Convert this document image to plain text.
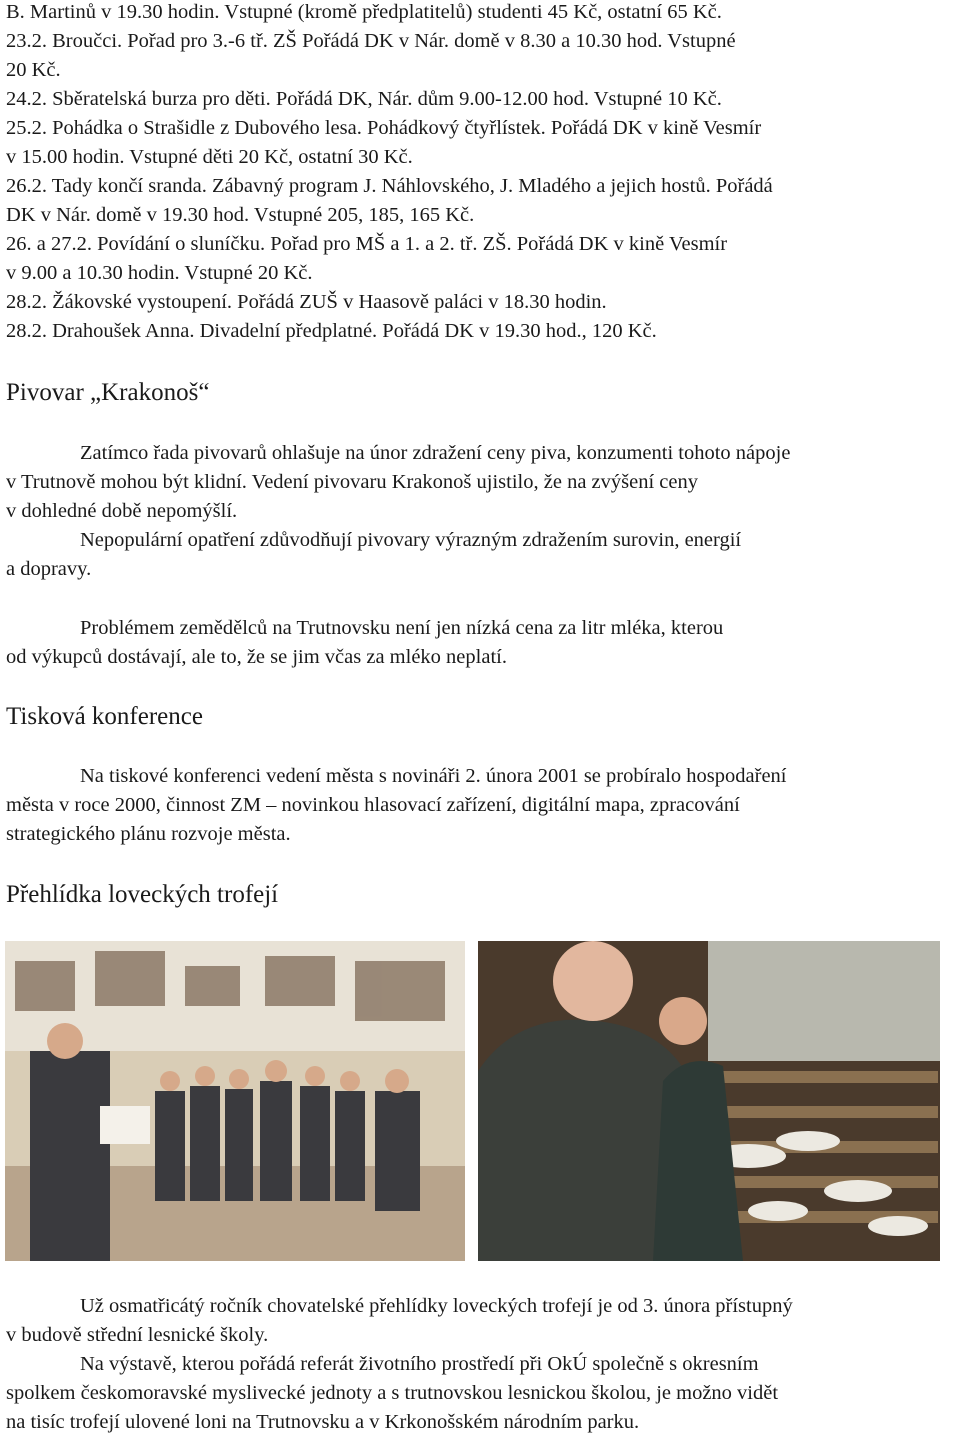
B. Martinů v 19.30 hodin. Vstupné (kromě předplatitelů) studenti 45 Kč, ostatní 65 Kč.

23.2. Broučci. Pořad pro 3.-6 tř. ZŠ Pořádá DK v Nár. domě v 8.30 a 10.30 hod. Vstupné

20 Kč.

24.2. Sběratelská burza pro děti. Pořádá DK, Nár. dům 9.00-12.00 hod. Vstupné 10 Kč.

25.2. Pohádka o Strašidle z Dubového lesa. Pohádkový čtyřlístek. Pořádá DK v kině Vesmír

v 15.00 hodin. Vstupné děti 20 Kč, ostatní 30 Kč.

26.2. Tady končí sranda. Zábavný program J. Náhlovského, J. Mladého a jejich hostů. Pořádá

DK v Nár. domě v 19.30 hod. Vstupné 205, 185, 165 Kč.

26. a 27.2. Povídání o sluníčku. Pořad pro MŠ a 1. a 2. tř. ZŠ. Pořádá DK v kině Vesmír

v 9.00 a 10.30 hodin. Vstupné 20 Kč.

28.2. Žákovské vystoupení. Pořádá ZUŠ v Haasově paláci v 18.30 hodin.

28.2. Drahoušek Anna. Divadelní předplatné. Pořádá DK v 19.30 hod., 120 Kč.

Pivovar „Krakonoš“

Zatímco řada pivovarů ohlašuje na únor zdražení ceny piva, konzumenti tohoto nápoje

v Trutnově mohou být klidní. Vedení pivovaru Krakonoš ujistilo, že na zvýšení ceny

v dohledné době nepomýšlí.

Nepopulární opatření zdůvodňují pivovary výrazným zdražením surovin, energií

a dopravy.

Problémem zemědělců na Trutnovsku není jen nízká cena za litr mléka, kterou

od výkupců dostávají, ale to, že se jim včas za mléko neplatí.

Tisková konference

Na tiskové konferenci vedení města s novináři 2. února 2001 se probíralo hospodaření

města v roce 2000, činnost ZM – novinkou hlasovací zařízení, digitální mapa, zpracování

strategického plánu rozvoje města.

Přehlídka loveckých trofejí

Už osmatřicátý ročník chovatelské přehlídky loveckých trofejí je od 3. února přístupný

v budově střední lesnické školy.

Na výstavě, kterou pořádá referát životního prostředí při OkÚ společně s okresním

spolkem českomoravské myslivecké jednoty a s trutnovskou lesnickou školou, je možno vidět

na tisíc trofejí ulovené loni na Trutnovsku a v Krkonošském národním parku.
